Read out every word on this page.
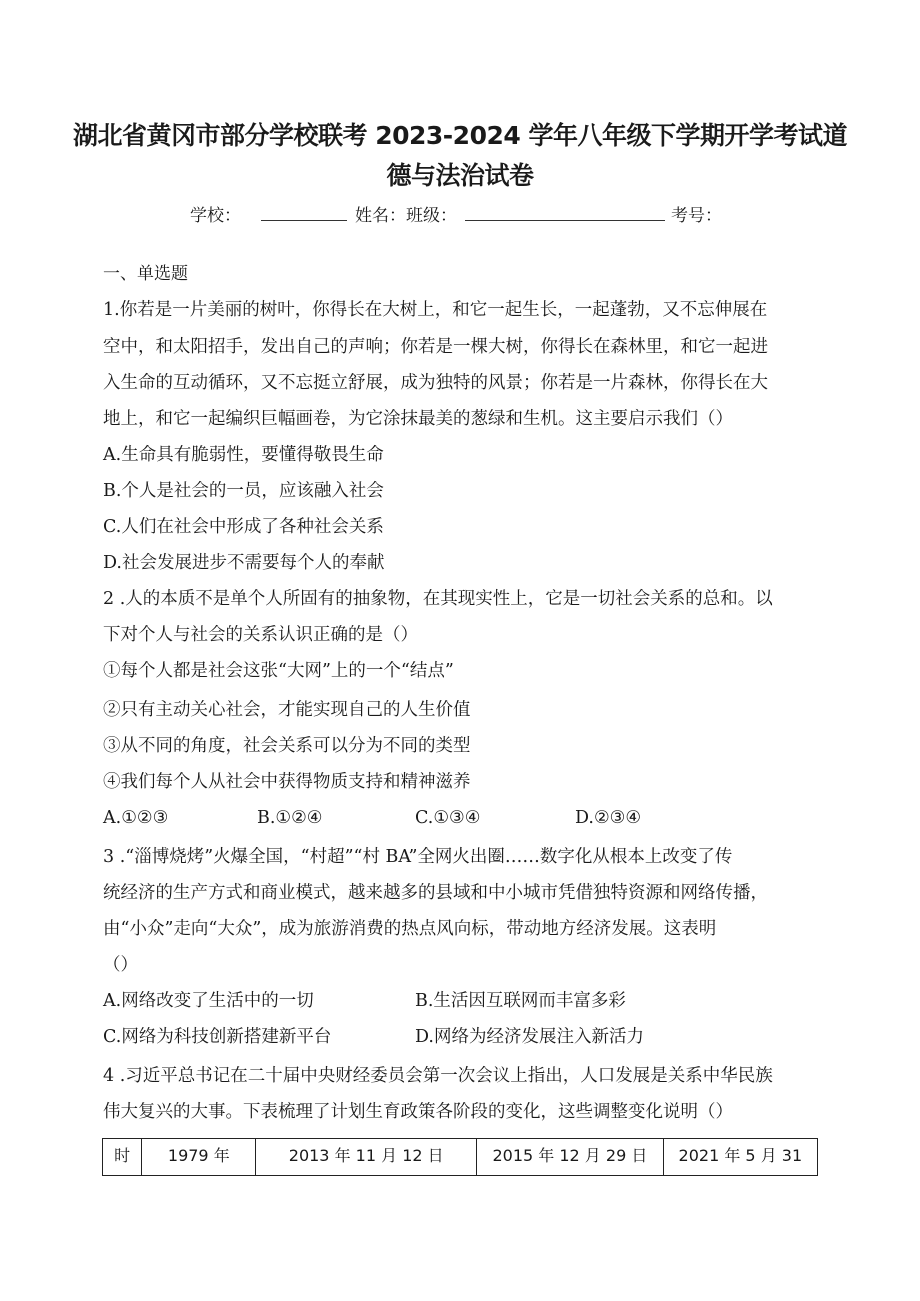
湖北省黄冈市部分学校联考 2023-2024 学年八年级下学期开学考试道
德与法治试卷
学校：	姓名：班级：	考号：
一、单选题
1.你若是一片美丽的树叶，你得长在大树上，和它一起生长，一起蓬勃，又不忘伸展在
空中，和太阳招手，发出自己的声响；你若是一棵大树，你得长在森林里，和它一起进
入生命的互动循环，又不忘挺立舒展，成为独特的风景；你若是一片森林，你得长在大
地上，和它一起编织巨幅画卷，为它涂抹最美的葱绿和生机。这主要启示我们（）
A.生命具有脆弱性，要懂得敬畏生命
B.个人是社会的一员，应该融入社会
C.人们在社会中形成了各种社会关系
D.社会发展进步不需要每个人的奉献
2 .人的本质不是单个人所固有的抽象物，在其现实性上，它是一切社会关系的总和。以
下对个人与社会的关系认识正确的是（）
①每个人都是社会这张“大网”上的一个“结点”
②只有主动关心社会，才能实现自己的人生价值
③从不同的角度，社会关系可以分为不同的类型
④我们每个人从社会中获得物质支持和精神滋养
A.①②③	B.①②④	C.①③④	D.②③④
3 .“淄博烧烤”火爆全国，“村超”“村 BA”全网火出圈……数字化从根本上改变了传
统经济的生产方式和商业模式，越来越多的县域和中小城市凭借独特资源和网络传播，
由“小众”走向“大众”，成为旅游消费的热点风向标，带动地方经济发展。这表明
（）
A.网络改变了生活中的一切	B.生活因互联网而丰富多彩
C.网络为科技创新搭建新平台	D.网络为经济发展注入新活力
4 .习近平总书记在二十届中央财经委员会第一次会议上指出，人口发展是关系中华民族
伟大复兴的大事。下表梳理了计划生育政策各阶段的变化，这些调整变化说明（）
时	1979 年	2013 年 11 月 12 日	2015 年 12 月 29 日	2021 年 5 月 31
